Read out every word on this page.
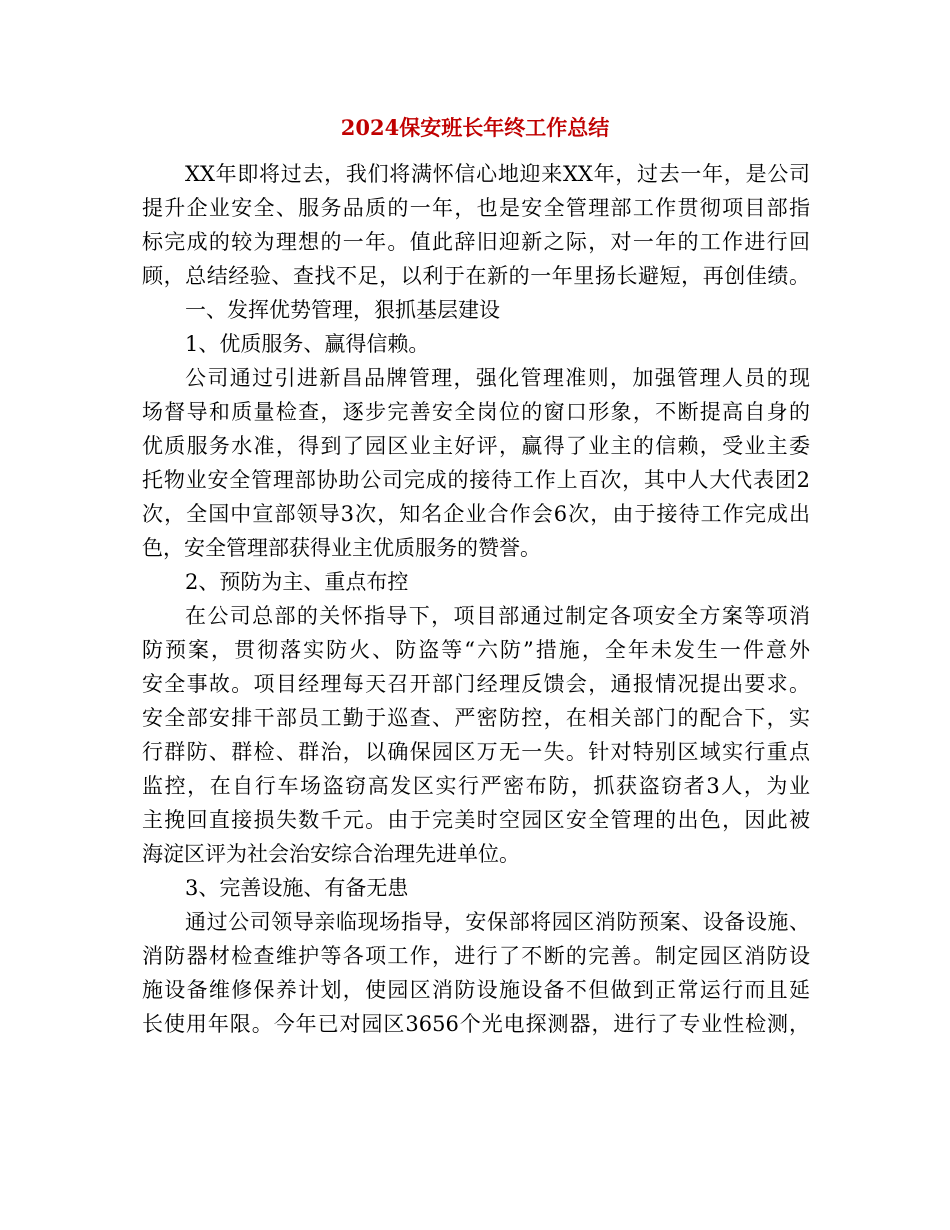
2024保安班长年终工作总结
XX年即将过去，我们将满怀信心地迎来XX年，过去一年，是公司
提升企业安全、服务品质的一年，也是安全管理部工作贯彻项目部指
标完成的较为理想的一年。值此辞旧迎新之际，对一年的工作进行回
顾，总结经验、查找不足，以利于在新的一年里扬长避短，再创佳绩。
一、发挥优势管理，狠抓基层建设
1、优质服务、赢得信赖。
公司通过引进新昌品牌管理，强化管理准则，加强管理人员的现
场督导和质量检查，逐步完善安全岗位的窗口形象，不断提高自身的
优质服务水准，得到了园区业主好评，赢得了业主的信赖，受业主委
托物业安全管理部协助公司完成的接待工作上百次，其中人大代表团2
次，全国中宣部领导3次，知名企业合作会6次，由于接待工作完成出
色，安全管理部获得业主优质服务的赞誉。
2、预防为主、重点布控
在公司总部的关怀指导下，项目部通过制定各项安全方案等项消
防预案，贯彻落实防火、防盗等“六防”措施，全年未发生一件意外
安全事故。项目经理每天召开部门经理反馈会，通报情况提出要求。
安全部安排干部员工勤于巡查、严密防控，在相关部门的配合下，实
行群防、群检、群治，以确保园区万无一失。针对特别区域实行重点
监控，在自行车场盗窃高发区实行严密布防，抓获盗窃者3人，为业
主挽回直接损失数千元。由于完美时空园区安全管理的出色，因此被
海淀区评为社会治安综合治理先进单位。
3、完善设施、有备无患
通过公司领导亲临现场指导，安保部将园区消防预案、设备设施、
消防器材检查维护等各项工作，进行了不断的完善。制定园区消防设
施设备维修保养计划，使园区消防设施设备不但做到正常运行而且延
长使用年限。今年已对园区3656个光电探测器，进行了专业性检测，
